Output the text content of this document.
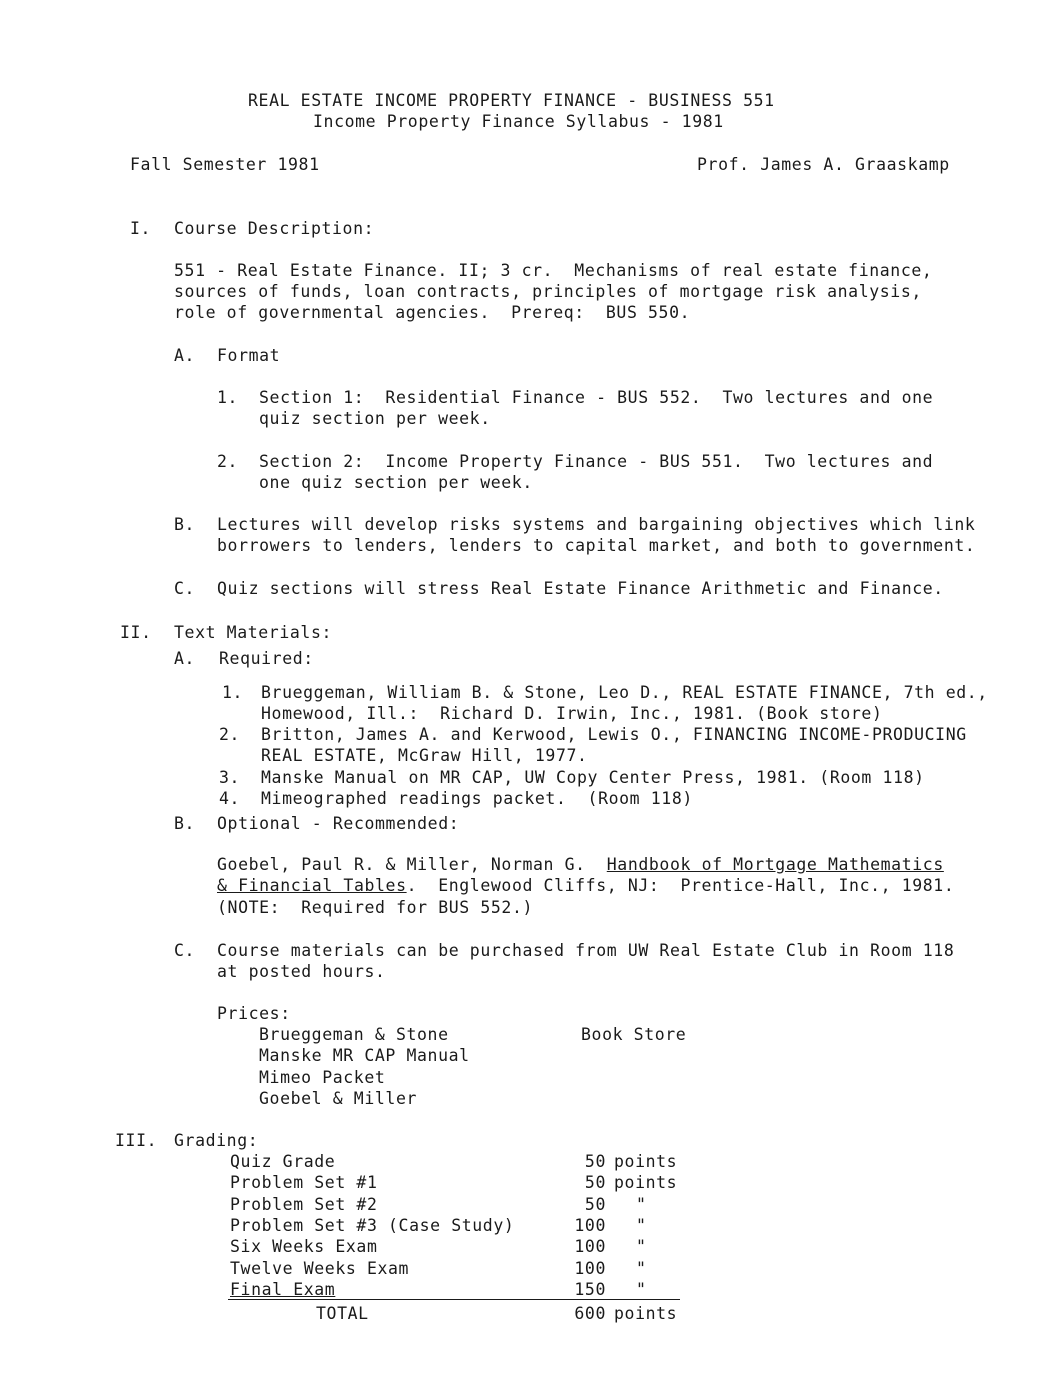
REAL ESTATE INCOME PROPERTY FINANCE - BUSINESS 551
Income Property Finance Syllabus - 1981
Fall Semester 1981	Prof. James A. Graaskamp
I. Course Description:
551 - Real Estate Finance. II; 3 cr.  Mechanisms of real estate finance,
sources of funds, loan contracts, principles of mortgage risk analysis,
role of governmental agencies.  Prereq:  BUS 550.
A. Format
1. Section 1:  Residential Finance - BUS 552.  Two lectures and one
quiz section per week.
2. Section 2:  Income Property Finance - BUS 551.  Two lectures and
one quiz section per week.
B. Lectures will develop risks systems and bargaining objectives which link
borrowers to lenders, lenders to capital market, and both to government.
C. Quiz sections will stress Real Estate Finance Arithmetic and Finance.
II. Text Materials:
A. Required:
1. Brueggeman, William B. & Stone, Leo D., REAL ESTATE FINANCE, 7th ed.,
Homewood, Ill.:  Richard D. Irwin, Inc., 1981. (Book store)
2. Britton, James A. and Kerwood, Lewis O., FINANCING INCOME-PRODUCING
REAL ESTATE, McGraw Hill, 1977.
3. Manske Manual on MR CAP, UW Copy Center Press, 1981. (Room 118)
4. Mimeographed readings packet.  (Room 118)
B. Optional - Recommended:
Goebel, Paul R. & Miller, Norman G.  Handbook of Mortgage Mathematics
& Financial Tables.  Englewood Cliffs, NJ:  Prentice-Hall, Inc., 1981.
(NOTE:  Required for BUS 552.)
C. Course materials can be purchased from UW Real Estate Club in Room 118
at posted hours.
Prices:
Brueggeman & Stone	Book Store
Manske MR CAP Manual
Mimeo Packet
Goebel & Miller
III. Grading:
Quiz Grade	50 points
Problem Set #1	50 points
Problem Set #2	50 "
Problem Set #3 (Case Study)	100 "
Six Weeks Exam	100 "
Twelve Weeks Exam	100 "
Final Exam	150 "
TOTAL	600 points
